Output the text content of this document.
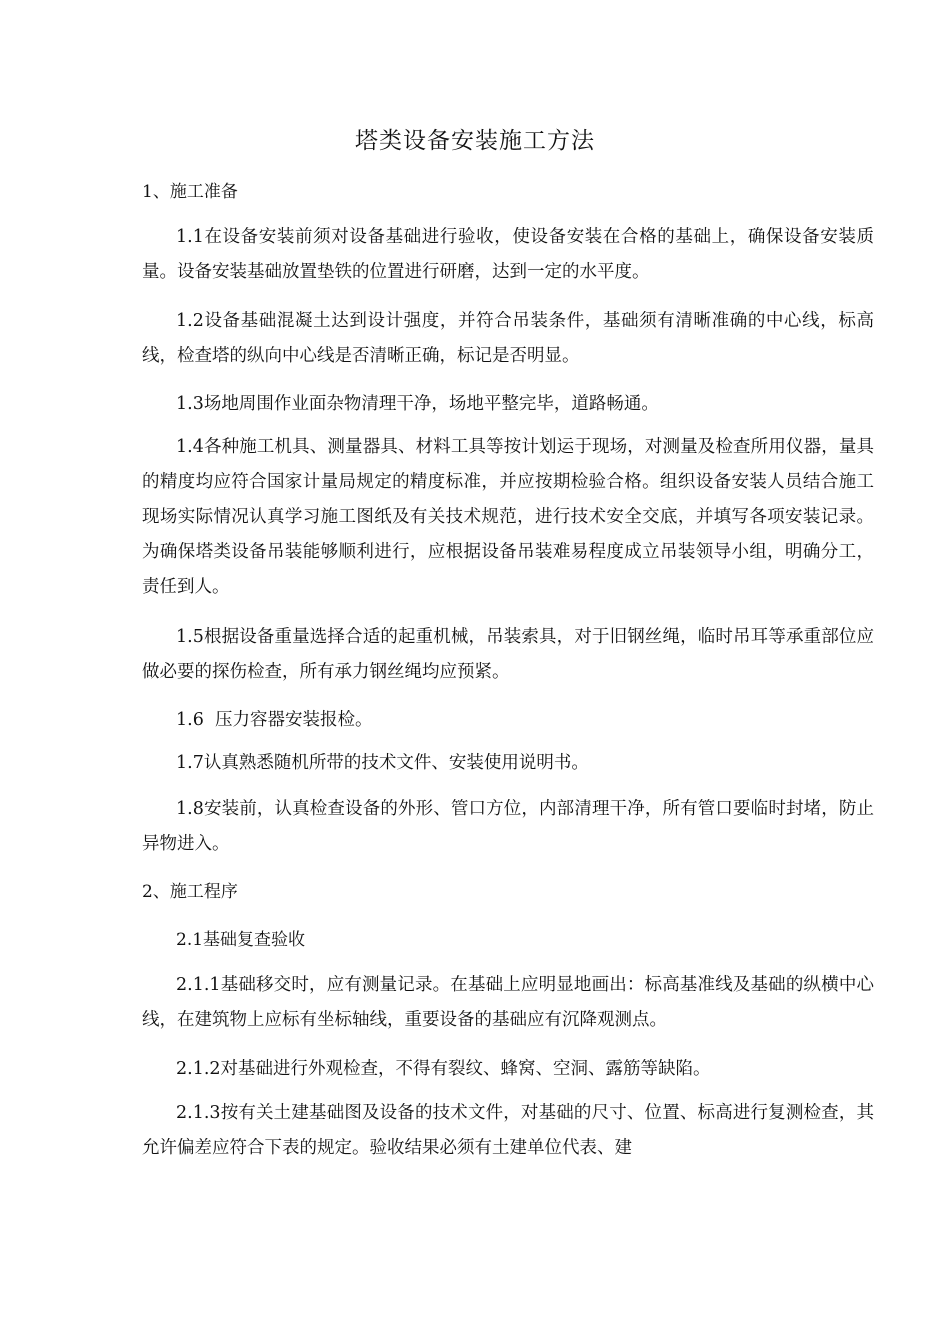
塔类设备安装施工方法
1、施工准备
1.1在设备安装前须对设备基础进行验收，使设备安装在合格的基础上，确保设备安装质量。设备安装基础放置垫铁的位置进行研磨，达到一定的水平度。
1.2设备基础混凝土达到设计强度，并符合吊装条件，基础须有清晰准确的中心线，标高线，检查塔的纵向中心线是否清晰正确，标记是否明显。
1.3场地周围作业面杂物清理干净，场地平整完毕，道路畅通。
1.4各种施工机具、测量器具、材料工具等按计划运于现场，对测量及检查所用仪器，量具的精度均应符合国家计量局规定的精度标准，并应按期检验合格。组织设备安装人员结合施工现场实际情况认真学习施工图纸及有关技术规范，进行技术安全交底，并填写各项安装记录。为确保塔类设备吊装能够顺利进行，应根据设备吊装难易程度成立吊装领导小组，明确分工，责任到人。
1.5根据设备重量选择合适的起重机械，吊装索具，对于旧钢丝绳，临时吊耳等承重部位应做必要的探伤检查，所有承力钢丝绳均应预紧。
1.6  压力容器安装报检。
1.7认真熟悉随机所带的技术文件、安装使用说明书。
1.8安装前，认真检查设备的外形、管口方位，内部清理干净，所有管口要临时封堵，防止异物进入。
2、施工程序
2.1基础复查验收
2.1.1基础移交时，应有测量记录。在基础上应明显地画出：标高基准线及基础的纵横中心线，在建筑物上应标有坐标轴线，重要设备的基础应有沉降观测点。
2.1.2对基础进行外观检查，不得有裂纹、蜂窝、空洞、露筋等缺陷。
2.1.3按有关土建基础图及设备的技术文件，对基础的尺寸、位置、标高进行复测检查，其允许偏差应符合下表的规定。验收结果必须有土建单位代表、建
